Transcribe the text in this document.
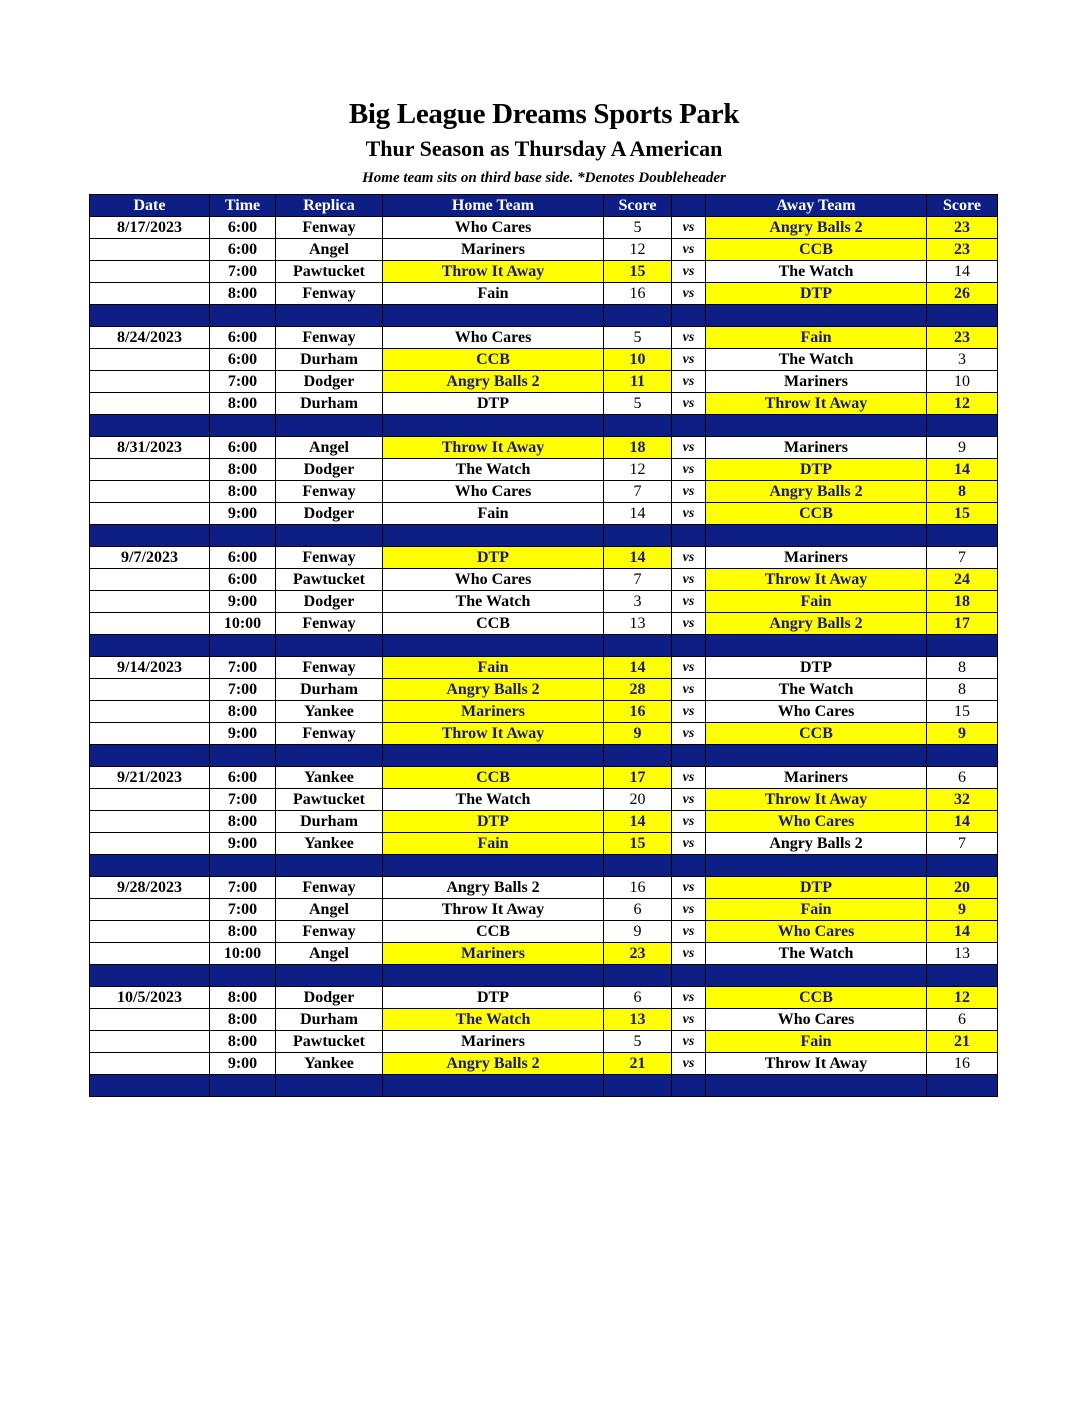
Big League Dreams Sports Park
Thur Season as Thursday A American
Home team sits on third base side. *Denotes Doubleheader
Date	Time	Replica	Home Team	Score		Away Team	Score
8/17/2023	6:00	Fenway	Who Cares	5	vs	Angry Balls 2	23
	6:00	Angel	Mariners	12	vs	CCB	23
	7:00	Pawtucket	Throw It Away	15	vs	The Watch	14
	8:00	Fenway	Fain	16	vs	DTP	26

8/24/2023	6:00	Fenway	Who Cares	5	vs	Fain	23
	6:00	Durham	CCB	10	vs	The Watch	3
	7:00	Dodger	Angry Balls 2	11	vs	Mariners	10
	8:00	Durham	DTP	5	vs	Throw It Away	12

8/31/2023	6:00	Angel	Throw It Away	18	vs	Mariners	9
	8:00	Dodger	The Watch	12	vs	DTP	14
	8:00	Fenway	Who Cares	7	vs	Angry Balls 2	8
	9:00	Dodger	Fain	14	vs	CCB	15

9/7/2023	6:00	Fenway	DTP	14	vs	Mariners	7
	6:00	Pawtucket	Who Cares	7	vs	Throw It Away	24
	9:00	Dodger	The Watch	3	vs	Fain	18
	10:00	Fenway	CCB	13	vs	Angry Balls 2	17

9/14/2023	7:00	Fenway	Fain	14	vs	DTP	8
	7:00	Durham	Angry Balls 2	28	vs	The Watch	8
	8:00	Yankee	Mariners	16	vs	Who Cares	15
	9:00	Fenway	Throw It Away	9	vs	CCB	9

9/21/2023	6:00	Yankee	CCB	17	vs	Mariners	6
	7:00	Pawtucket	The Watch	20	vs	Throw It Away	32
	8:00	Durham	DTP	14	vs	Who Cares	14
	9:00	Yankee	Fain	15	vs	Angry Balls 2	7

9/28/2023	7:00	Fenway	Angry Balls 2	16	vs	DTP	20
	7:00	Angel	Throw It Away	6	vs	Fain	9
	8:00	Fenway	CCB	9	vs	Who Cares	14
	10:00	Angel	Mariners	23	vs	The Watch	13

10/5/2023	8:00	Dodger	DTP	6	vs	CCB	12
	8:00	Durham	The Watch	13	vs	Who Cares	6
	8:00	Pawtucket	Mariners	5	vs	Fain	21
	9:00	Yankee	Angry Balls 2	21	vs	Throw It Away	16
